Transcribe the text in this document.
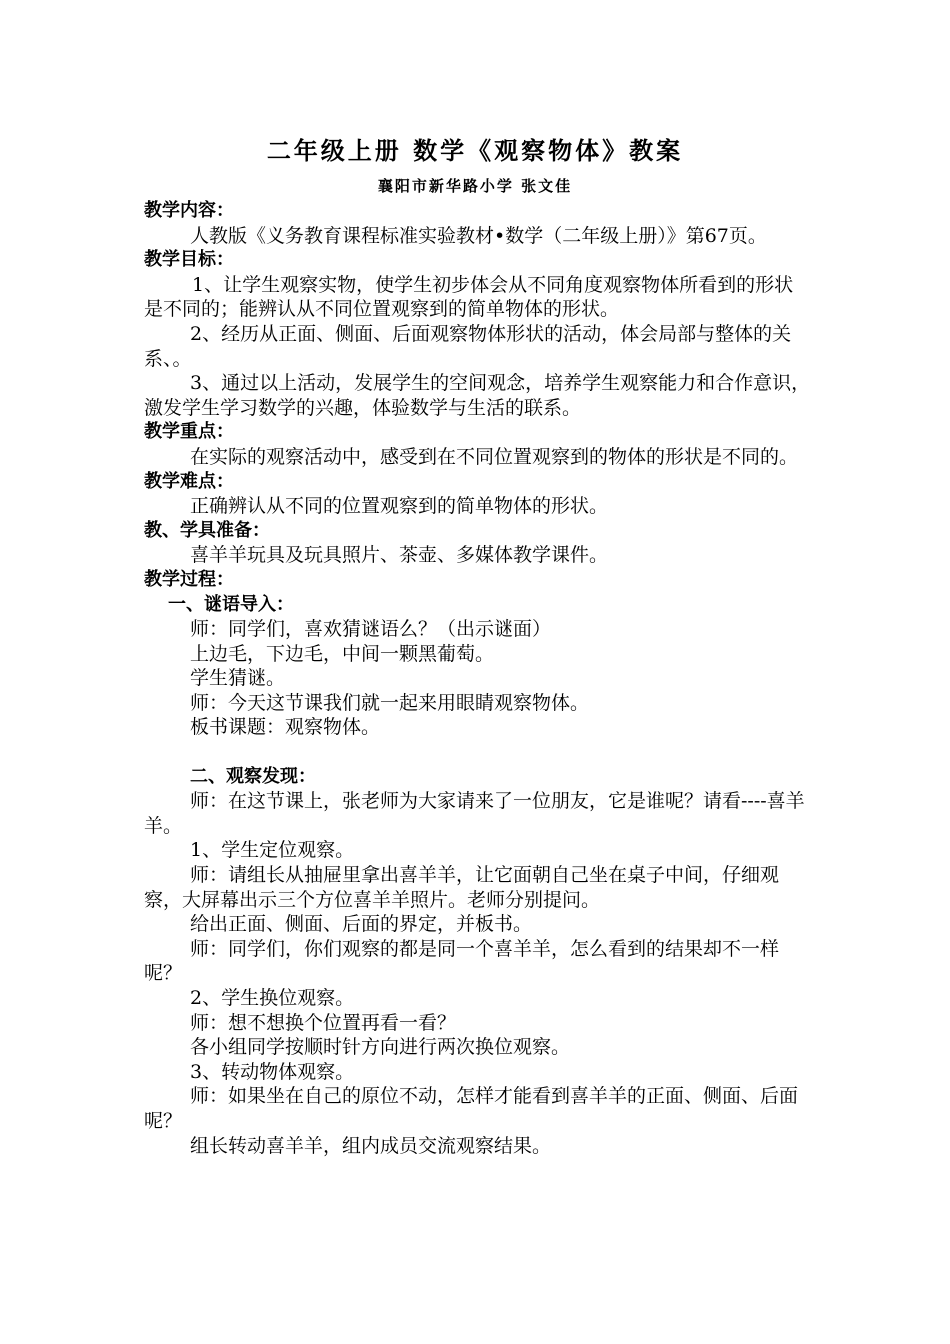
二年级上册 数学《观察物体》教案
襄阳市新华路小学 张文佳

教学内容：

人教版《义务教育课程标准实验教材•数学（二年级上册）》第67页。

教学目标：

1、让学生观察实物，使学生初步体会从不同角度观察物体所看到的形状是不同的；能辨认从不同位置观察到的简单物体的形状。

2、经历从正面、侧面、后面观察物体形状的活动，体会局部与整体的关系、。

3、通过以上活动，发展学生的空间观念，培养学生观察能力和合作意识，激发学生学习数学的兴趣，体验数学与生活的联系。

教学重点：

在实际的观察活动中，感受到在不同位置观察到的物体的形状是不同的。

教学难点：

正确辨认从不同的位置观察到的简单物体的形状。

教、学具准备：

喜羊羊玩具及玩具照片、茶壶、多媒体教学课件。

教学过程：

一、谜语导入：

师：同学们，喜欢猜谜语么？（出示谜面）

上边毛，下边毛，中间一颗黑葡萄。

学生猜谜。

师：今天这节课我们就一起来用眼睛观察物体。

板书课题：观察物体。

二、观察发现：

师：在这节课上，张老师为大家请来了一位朋友，它是谁呢？请看----喜羊羊。

1、学生定位观察。

师：请组长从抽屉里拿出喜羊羊，让它面朝自己坐在桌子中间，仔细观察，大屏幕出示三个方位喜羊羊照片。老师分别提问。

给出正面、侧面、后面的界定，并板书。

师：同学们，你们观察的都是同一个喜羊羊，怎么看到的结果却不一样呢？

2、学生换位观察。

师：想不想换个位置再看一看？

各小组同学按顺时针方向进行两次换位观察。

3、转动物体观察。

师：如果坐在自己的原位不动，怎样才能看到喜羊羊的正面、侧面、后面呢？

组长转动喜羊羊，组内成员交流观察结果。
